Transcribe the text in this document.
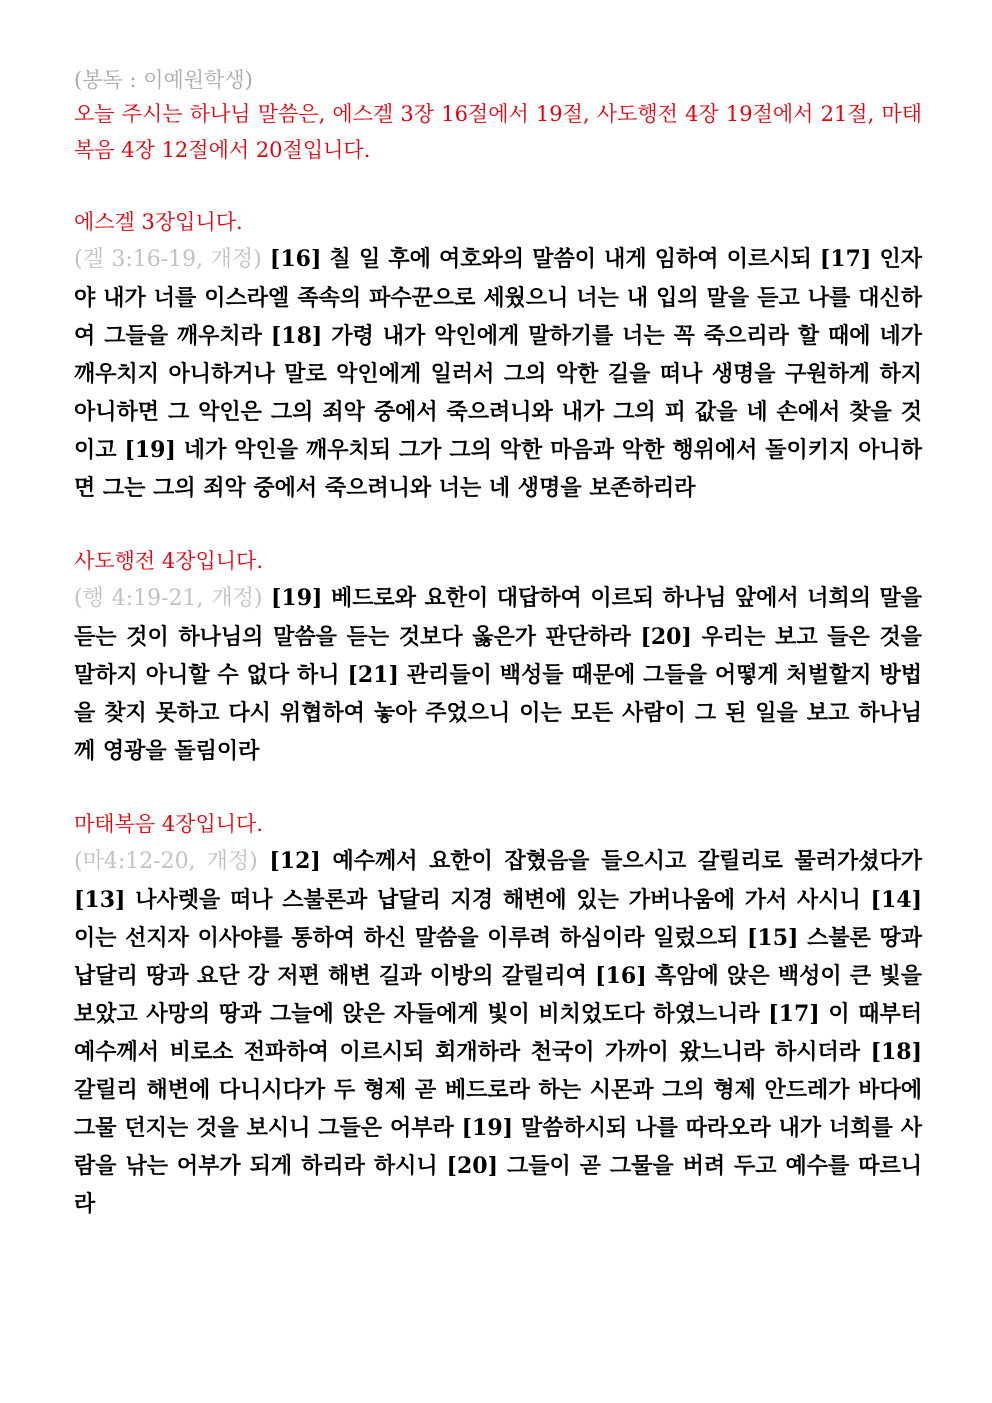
(봉독 : 이예원학생)

오늘 주시는 하나님 말씀은, 에스겔 3장 16절에서 19절, 사도행전 4장 19절에서 21절, 마태복음 4장 12절에서 20절입니다.

에스겔 3장입니다.

(겔 3:16-19, 개정) [16] 칠 일 후에 여호와의 말씀이 내게 임하여 이르시되 [17] 인자야 내가 너를 이스라엘 족속의 파수꾼으로 세웠으니 너는 내 입의 말을 듣고 나를 대신하여 그들을 깨우치라 [18] 가령 내가 악인에게 말하기를 너는 꼭 죽으리라 할 때에 네가 깨우치지 아니하거나 말로 악인에게 일러서 그의 악한 길을 떠나 생명을 구원하게 하지 아니하면 그 악인은 그의 죄악 중에서 죽으려니와 내가 그의 피 값을 네 손에서 찾을 것이고 [19] 네가 악인을 깨우치되 그가 그의 악한 마음과 악한 행위에서 돌이키지 아니하면 그는 그의 죄악 중에서 죽으려니와 너는 네 생명을 보존하리라

사도행전 4장입니다.

(행 4:19-21, 개정) [19] 베드로와 요한이 대답하여 이르되 하나님 앞에서 너희의 말을 듣는 것이 하나님의 말씀을 듣는 것보다 옳은가 판단하라 [20] 우리는 보고 들은 것을 말하지 아니할 수 없다 하니 [21] 관리들이 백성들 때문에 그들을 어떻게 처벌할지 방법을 찾지 못하고 다시 위협하여 놓아 주었으니 이는 모든 사람이 그 된 일을 보고 하나님께 영광을 돌림이라

마태복음 4장입니다.

(마4:12-20, 개정) [12] 예수께서 요한이 잡혔음을 들으시고 갈릴리로 물러가셨다가 [13] 나사렛을 떠나 스불론과 납달리 지경 해변에 있는 가버나움에 가서 사시니 [14] 이는 선지자 이사야를 통하여 하신 말씀을 이루려 하심이라 일렀으되 [15] 스불론 땅과 납달리 땅과 요단 강 저편 해변 길과 이방의 갈릴리여 [16] 흑암에 앉은 백성이 큰 빛을 보았고 사망의 땅과 그늘에 앉은 자들에게 빛이 비치었도다 하였느니라 [17] 이 때부터 예수께서 비로소 전파하여 이르시되 회개하라 천국이 가까이 왔느니라 하시더라 [18] 갈릴리 해변에 다니시다가 두 형제 곧 베드로라 하는 시몬과 그의 형제 안드레가 바다에 그물 던지는 것을 보시니 그들은 어부라 [19] 말씀하시되 나를 따라오라 내가 너희를 사람을 낚는 어부가 되게 하리라 하시니 [20] 그들이 곧 그물을 버려 두고 예수를 따르니라
